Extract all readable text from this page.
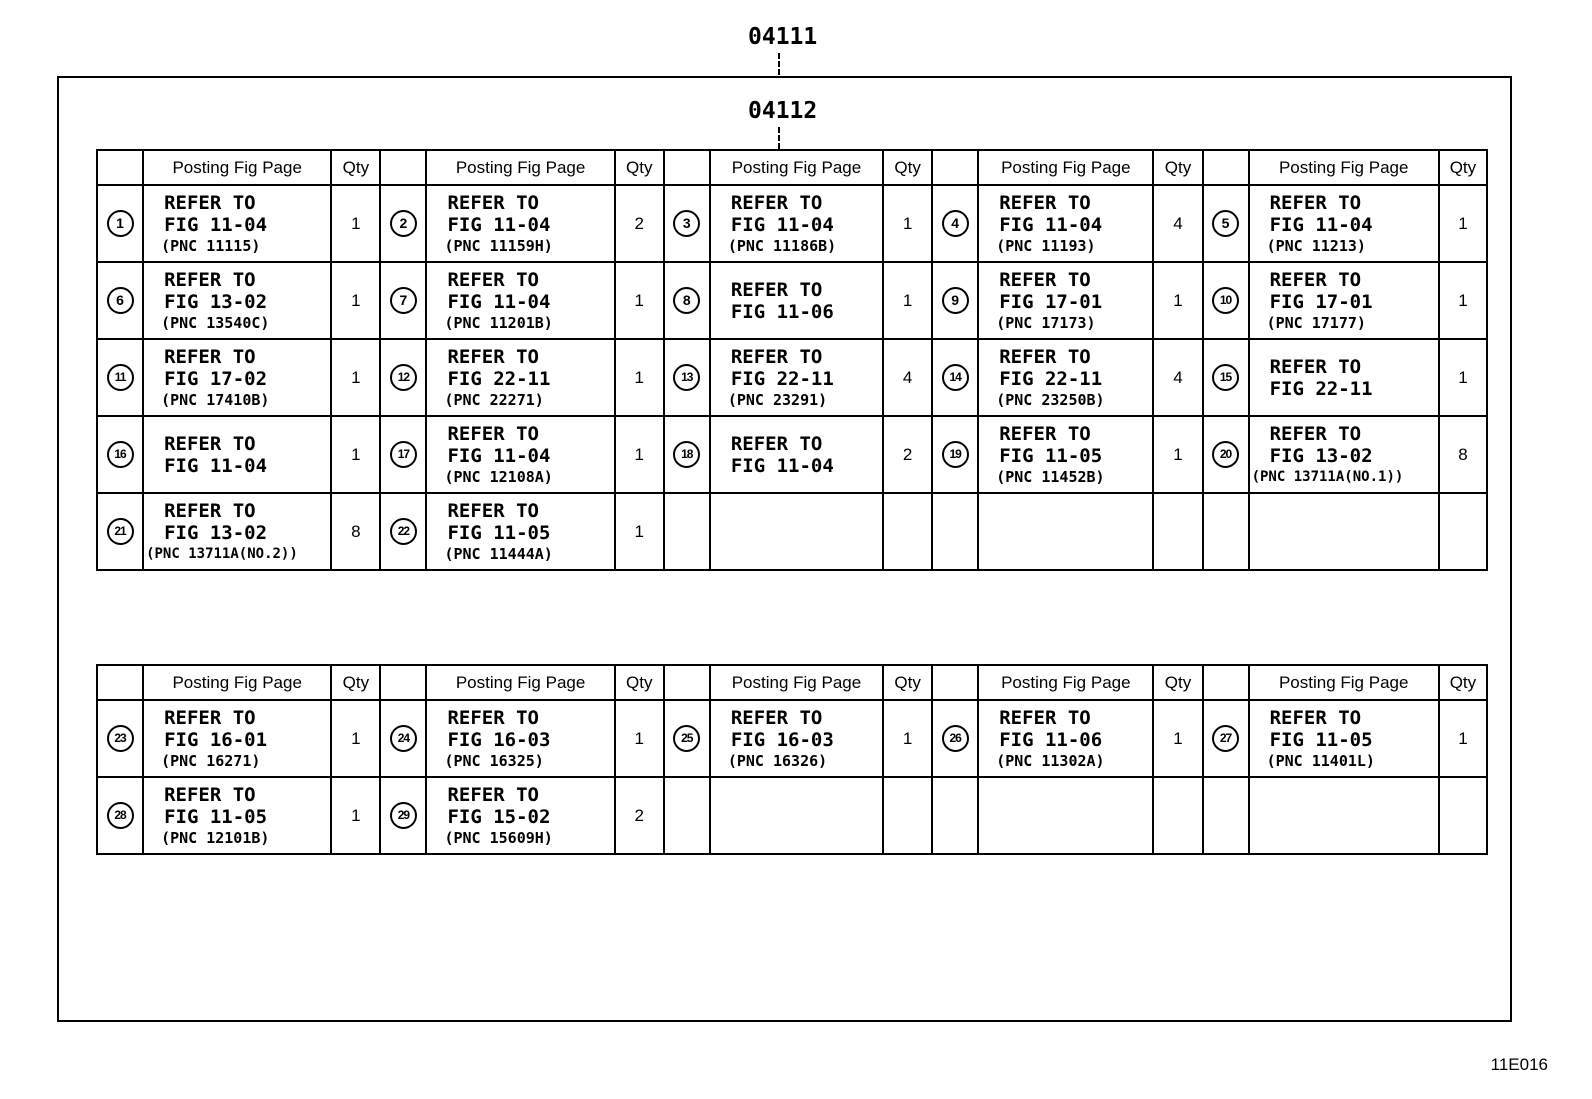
04111
04112
	Posting Fig Page	Qty		Posting Fig Page	Qty		Posting Fig Page	Qty		Posting Fig Page	Qty		Posting Fig Page	Qty
1	REFER TO
FIG 11-04
(PNC 11115)	1	2	REFER TO
FIG 11-04
(PNC 11159H)	2	3	REFER TO
FIG 11-04
(PNC 11186B)	1	4	REFER TO
FIG 11-04
(PNC 11193)	4	5	REFER TO
FIG 11-04
(PNC 11213)	1
6	REFER TO
FIG 13-02
(PNC 13540C)	1	7	REFER TO
FIG 11-04
(PNC 11201B)	1	8	REFER TO
FIG 11-06	1	9	REFER TO
FIG 17-01
(PNC 17173)	1	10	REFER TO
FIG 17-01
(PNC 17177)	1
11	REFER TO
FIG 17-02
(PNC 17410B)	1	12	REFER TO
FIG 22-11
(PNC 22271)	1	13	REFER TO
FIG 22-11
(PNC 23291)	4	14	REFER TO
FIG 22-11
(PNC 23250B)	4	15	REFER TO
FIG 22-11	1
16	REFER TO
FIG 11-04	1	17	REFER TO
FIG 11-04
(PNC 12108A)	1	18	REFER TO
FIG 11-04	2	19	REFER TO
FIG 11-05
(PNC 11452B)	1	20	REFER TO
FIG 13-02
(PNC 13711A(NO.1))	8
21	REFER TO
FIG 13-02
(PNC 13711A(NO.2))	8	22	REFER TO
FIG 11-05
(PNC 11444A)	1									
	Posting Fig Page	Qty		Posting Fig Page	Qty		Posting Fig Page	Qty		Posting Fig Page	Qty		Posting Fig Page	Qty
23	REFER TO
FIG 16-01
(PNC 16271)	1	24	REFER TO
FIG 16-03
(PNC 16325)	1	25	REFER TO
FIG 16-03
(PNC 16326)	1	26	REFER TO
FIG 11-06
(PNC 11302A)	1	27	REFER TO
FIG 11-05
(PNC 11401L)	1
28	REFER TO
FIG 11-05
(PNC 12101B)	1	29	REFER TO
FIG 15-02
(PNC 15609H)	2									
11E016
